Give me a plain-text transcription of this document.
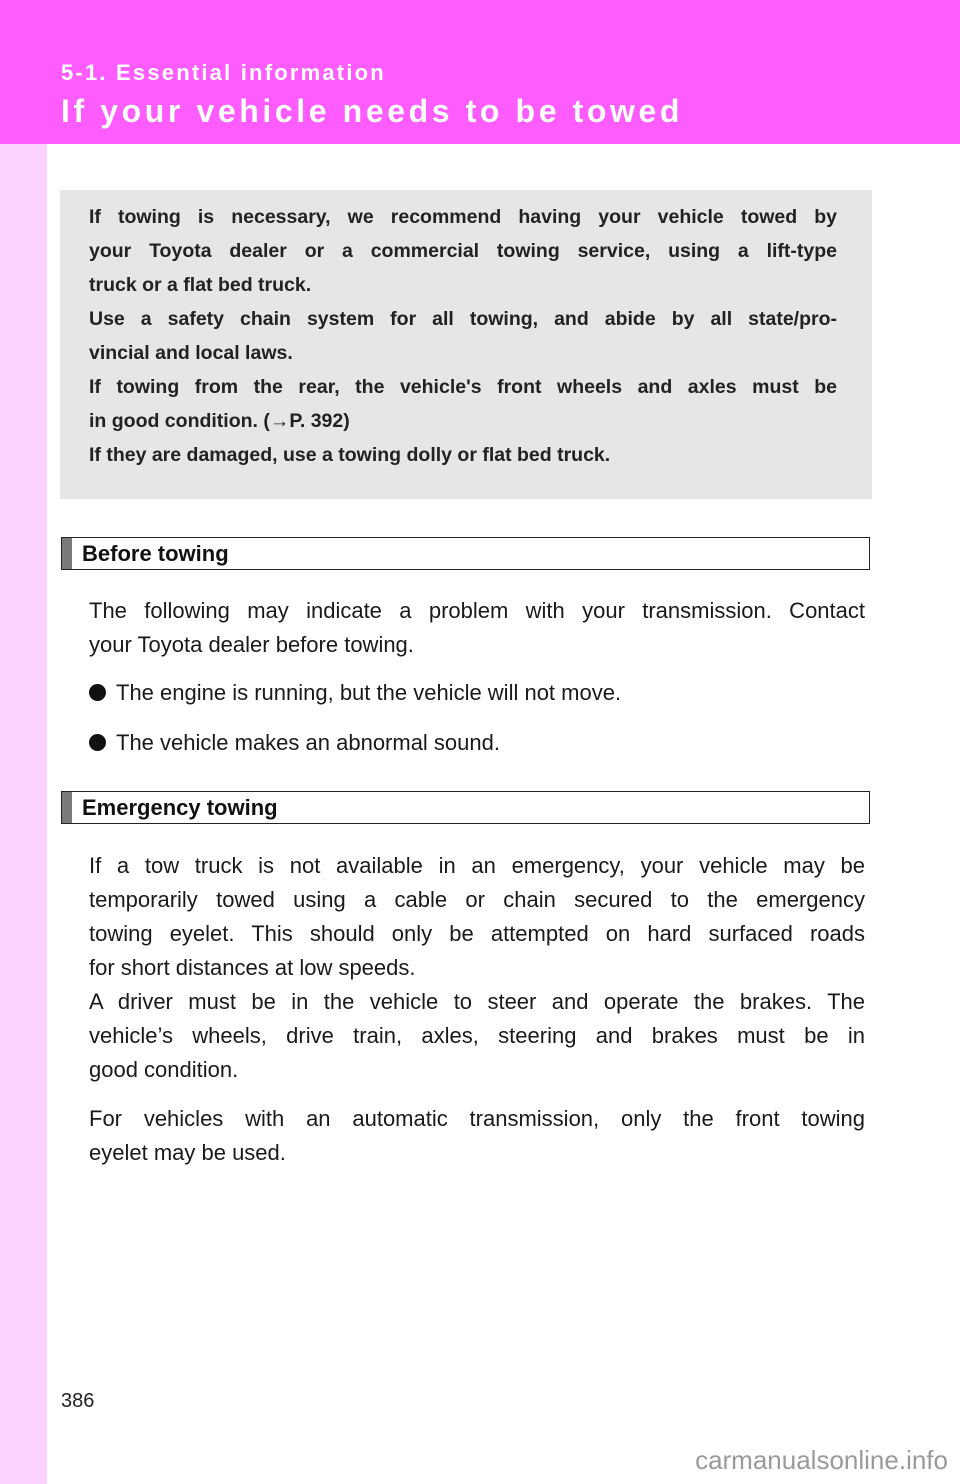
5-1. Essential information
If your vehicle needs to be towed
If towing is necessary, we recommend having your vehicle towed by
your Toyota dealer or a commercial towing service, using a lift-type
truck or a flat bed truck.
Use a safety chain system for all towing, and abide by all state/pro-
vincial and local laws.
If towing from the rear, the vehicle's front wheels and axles must be
in good condition. (→P. 392)
If they are damaged, use a towing dolly or flat bed truck.
Before towing
The following may indicate a problem with your transmission. Contact
your Toyota dealer before towing.
The engine is running, but the vehicle will not move.
The vehicle makes an abnormal sound.
Emergency towing
If a tow truck is not available in an emergency, your vehicle may be
temporarily towed using a cable or chain secured to the emergency
towing eyelet. This should only be attempted on hard surfaced roads
for short distances at low speeds.
A driver must be in the vehicle to steer and operate the brakes. The
vehicle’s wheels, drive train, axles, steering and brakes must be in
good condition.
For vehicles with an automatic transmission, only the front towing
eyelet may be used.
386
carmanualsonline.info
